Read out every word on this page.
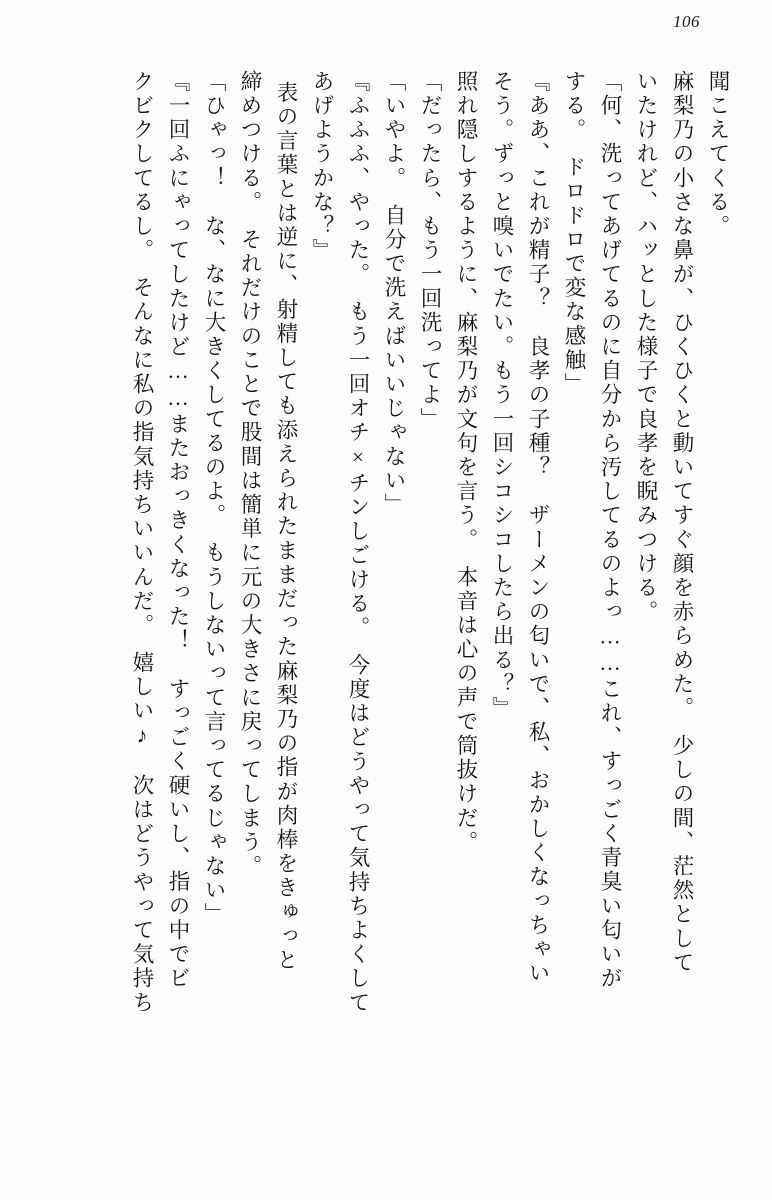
106
聞こえてくる。
麻梨乃の小さな鼻が、ひくひくと動いてすぐ顔を赤らめた。　少しの間、茫然として
いたけれど、ハッとした様子で良孝を睨みつける。
「何、洗ってあげてるのに自分から汚してるのよっ……これ、すっごく青臭い匂いが
する。　ドロドロで変な感触」
『ああ、これが精子？　良孝の子種？　ザーメンの匂いで、私、おかしくなっちゃい
そう。ずっと嗅いでたい。もう一回シコシコしたら出る？』
照れ隠しするように、麻梨乃が文句を言う。　本音は心の声で筒抜けだ。
「だったら、もう一回洗ってよ」
「いやよ。　自分で洗えばいいじゃない」
『ふふふ、やった。　もう一回オチ×チンしごける。　今度はどうやって気持ちよくして
あげようかな？』
表の言葉とは逆に、射精しても添えられたままだった麻梨乃の指が肉棒をきゅっと
締めつける。　それだけのことで股間は簡単に元の大きさに戻ってしまう。
「ひゃっ！　な、なに大きくしてるのよ。　もうしないって言ってるじゃない」
『一回ふにゃってしたけど……またおっきくなった！　すっごく硬いし、指の中でビ
クビクしてるし。　そんなに私の指気持ちいいんだ。　嬉しい♪　次はどうやって気持ち
